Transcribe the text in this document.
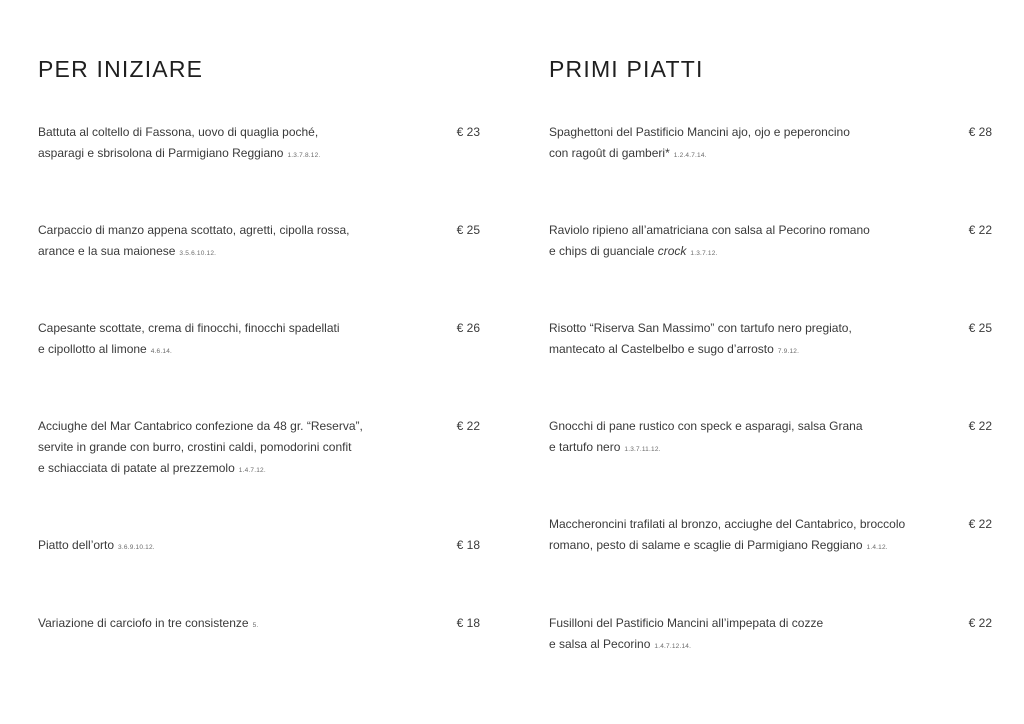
PER INIZIARE
Battuta al coltello di Fassona, uovo di quaglia poché,
asparagi e sbrisolona di Parmigiano Reggiano 1.3.7.8.12.
€ 23
Carpaccio di manzo appena scottato, agretti, cipolla rossa,
arance e la sua maionese 3.5.6.10.12.
€ 25
Capesante scottate, crema di finocchi, finocchi spadellati
e cipollotto al limone 4.6.14.
€ 26
Acciughe del Mar Cantabrico confezione da 48 gr. “Reserva”,
servite in grande con burro, crostini caldi, pomodorini confit
e schiacciata di patate al prezzemolo 1.4.7.12.
€ 22
Piatto dell’orto 3.6.9.10.12.	€ 18
Variazione di carciofo in tre consistenze 5.	€ 18
PRIMI PIATTI
Spaghettoni del Pastificio Mancini ajo, ojo e peperoncino
con ragoût di gamberi* 1.2.4.7.14.
€ 28
Raviolo ripieno all’amatriciana con salsa al Pecorino romano
e chips di guanciale crock 1.3.7.12.
€ 22
Risotto “Riserva San Massimo” con tartufo nero pregiato,
mantecato al Castelbelbo e sugo d’arrosto 7.9.12.
€ 25
Gnocchi di pane rustico con speck e asparagi, salsa Grana
e tartufo nero 1.3.7.11.12.
€ 22
Maccheroncini trafilati al bronzo, acciughe del Cantabrico, broccolo
romano, pesto di salame e scaglie di Parmigiano Reggiano 1.4.12.
€ 22
Fusilloni del Pastificio Mancini all’impepata di cozze
e salsa al Pecorino 1.4.7.12.14.
€ 22
